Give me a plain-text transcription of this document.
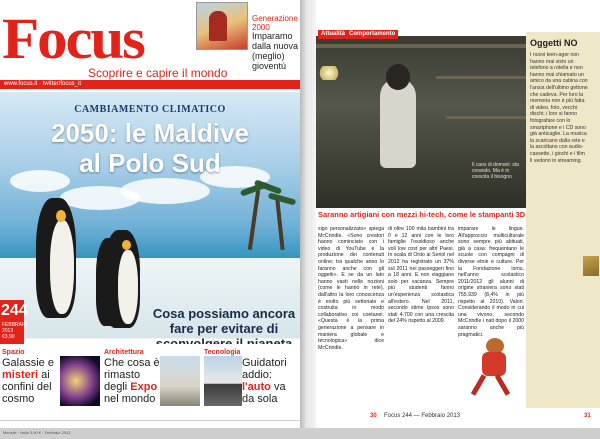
Focus
Scoprire e capire il mondo
Generazione 2000
Imparamo dalla nuova (meglio) gioventù
www.focus.it · twitter/focus_it
CAMBIAMENTO CLIMATICO
2050: le Maldive
al Polo Sud
244
FEBBRAIO 2013 €3,90
Cosa possiamo ancora fare per evitare di
Spazio
Galassie e misteri ai confini del cosmo
Architettura
Che cosa è rimasto degli Expo nel mondo
Tecnologia
Guidatori addio: l'auto va da sola
Mensile · Italia 3,90 € · Febbraio 2013
Attualità Comportamento
Il caos di domani: sta creando. Ma è in crescita il bisogno
Saranno artigiani con mezzi hi-tech, come le stampanti 3D
sigo personalizzato» spiega McCrindle. «Sono creatori hanno cominciato con i video di YouTube e la produzione dei contenuti online; tra qualche anno lo faranno anche con gli oggetti». E se da un lato hanno vasti nelle nozioni (come le hanno in rete), dall'altro la loro conoscenza è molto più settoriale e costruita in modo collaborativo coi coetanei. «Questa è la prima generazione a pensare in maniera globale e tecnologica» dice McCrindle.
di oltre 100 mila bambini tra 0 e 12 anni con le loro famiglie l'ossidioso anche voli low cost per altri Paesi. In scala di Ordo ai Seriol nel 2012 ha registrato un 37% sul 2011 nei passeggeri fino a 18 anni. E non viaggiano solo per vacanza. Sempre più studenti fanno un'esperienza scolastica all'estero. Nel 2011, secondo stime Ipsos sono stati 4.700 con una crescita del 24% rispetto al 2009.
imparare le lingue. All'approccio multiculturale sono sempre più abituati, già a casa: frequentano le scuole con compagni di diverse etnie e culture. Per la Fondazione Ismu, nell'anno scolastico 2011/2012 gli alunni di origine straniera sono stati 755.939 (8,4% in più rispetto al 2010). Valori. Considerando il modo in cui una vivono, secondo McCrindle i nati dopo il 2000 saranno anche più pragmatici.
Oggetti NO
I nuovi teen-ager non hanno mai visto un telefono a rotella e non hanno mai chiamato un amico da una cabina con l'ansia dell'ultimo gettone che cadeva. Per loro la memoria non è più fatta di video, foto, vecchi dischi; i loro si fanno fotografare con lo smartphone e i CD sono già anticaglie. La musica la scaricano dalla rete e la ascoltano con audio-cassette, i giochi e i film li vedono in streaming.
30 Focus 244 — Febbraio 2013	31
